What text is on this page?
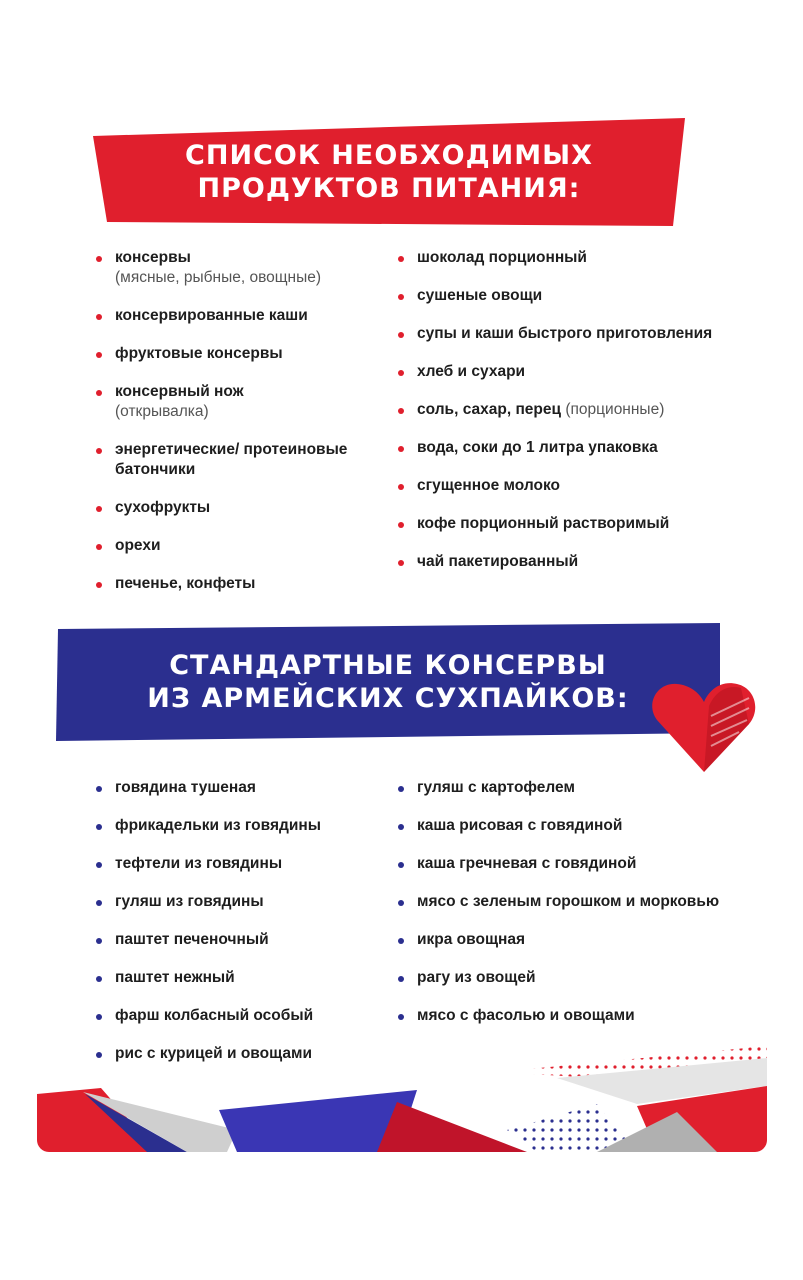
СПИСОК НЕОБХОДИМЫХ
ПРОДУКТОВ ПИТАНИЯ:
консервы
(мясные, рыбные, овощные)
консервированные каши
фруктовые консервы
консервный нож
(открывалка)
энергетические/ протеиновые батончики
сухофрукты
орехи
печенье, конфеты
шоколад порционный
сушеные овощи
супы и каши быстрого приготовления
хлеб и сухари
соль, сахар, перец (порционные)
вода, соки до 1 литра упаковка
сгущенное молоко
кофе порционный растворимый
чай пакетированный
СТАНДАРТНЫЕ КОНСЕРВЫ
ИЗ АРМЕЙСКИХ СУХПАЙКОВ:
говядина тушеная
фрикадельки из говядины
тефтели из говядины
гуляш из говядины
паштет печеночный
паштет нежный
фарш колбасный особый
рис с курицей и овощами
гуляш с картофелем
каша рисовая с говядиной
каша гречневая с говядиной
мясо с зеленым горошком и морковью
икра овощная
рагу из овощей
мясо с фасолью и овощами
